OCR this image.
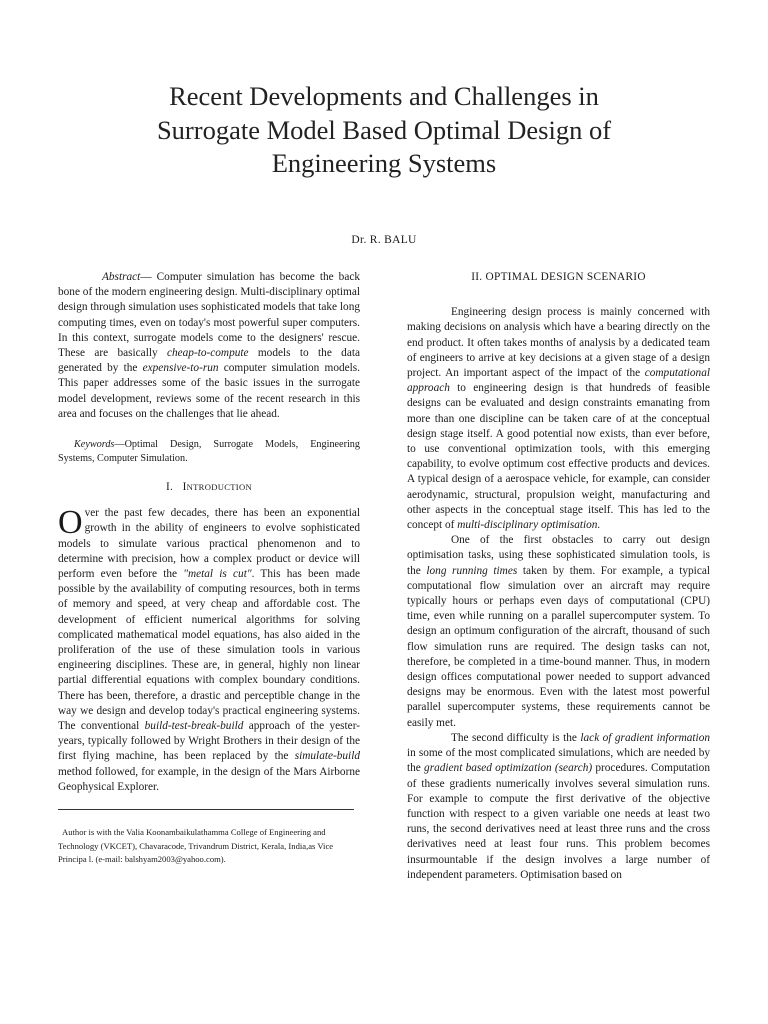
Recent Developments and Challenges in
Surrogate Model Based Optimal Design of
Engineering Systems
Dr. R. BALU

Abstract— Computer simulation has become the back bone of the modern engineering design. Multi-disciplinary optimal design through simulation uses sophisticated models that take long computing times, even on today's most powerful super computers. In this context, surrogate models come to the designers' rescue. These are basically cheap-to-compute models to the data generated by the expensive-to-run computer simulation models. This paper addresses some of the basic issues in the surrogate model development, reviews some of the recent research in this area and focuses on the challenges that lie ahead.

Keywords—Optimal Design, Surrogate Models, Engineering Systems, Computer Simulation.

I. INTRODUCTION

Over the past few decades, there has been an exponential growth in the ability of engineers to evolve sophisticated models to simulate various practical phenomenon and to determine with precision, how a complex product or device will perform even before the "metal is cut". This has been made possible by the availability of computing resources, both in terms of memory and speed, at very cheap and affordable cost. The development of efficient numerical algorithms for solving complicated mathematical model equations, has also aided in the proliferation of the use of these simulation tools in various engineering disciplines. These are, in general, highly non linear partial differential equations with complex boundary conditions. There has been, therefore, a drastic and perceptible change in the way we design and develop today's practical engineering systems. The conventional build-test-break-build approach of the yester-years, typically followed by Wright Brothers in their design of the first flying machine, has been replaced by the simulate-build method followed, for example, in the design of the Mars Airborne Geophysical Explorer.

Author is with the Valia Koonambaikulathamma College of Engineering and Technology (VKCET), Chavaracode, Trivandrum District, Kerala, India,as Vice Principa l. (e-mail: balshyam2003@yahoo.com).

II. OPTIMAL DESIGN SCENARIO

Engineering design process is mainly concerned with making decisions on analysis which have a bearing directly on the end product. It often takes months of analysis by a dedicated team of engineers to arrive at key decisions at a given stage of a design project. An important aspect of the impact of the computational approach to engineering design is that hundreds of feasible designs can be evaluated and design constraints emanating from more than one discipline can be taken care of at the conceptual design stage itself. A good potential now exists, than ever before, to use conventional optimization tools, with this emerging capability, to evolve optimum cost effective products and devices. A typical design of a aerospace vehicle, for example, can consider aerodynamic, structural, propulsion weight, manufacturing and other aspects in the conceptual stage itself. This has led to the concept of multi-disciplinary optimisation.

One of the first obstacles to carry out design optimisation tasks, using these sophisticated simulation tools, is the long running times taken by them. For example, a typical computational flow simulation over an aircraft may require typically hours or perhaps even days of computational (CPU) time, even while running on a parallel supercomputer system. To design an optimum configuration of the aircraft, thousand of such flow simulation runs are required. The design tasks can not, therefore, be completed in a time-bound manner. Thus, in modern design offices computational power needed to support advanced designs may be enormous. Even with the latest most powerful parallel supercomputer systems, these requirements cannot be easily met.

The second difficulty is the lack of gradient information in some of the most complicated simulations, which are needed by the gradient based optimization (search) procedures. Computation of these gradients numerically involves several simulation runs. For example to compute the first derivative of the objective function with respect to a given variable one needs at least two runs, the second derivatives need at least three runs and the cross derivatives need at least four runs. This problem becomes insurmountable if the design involves a large number of independent parameters. Optimisation based on
